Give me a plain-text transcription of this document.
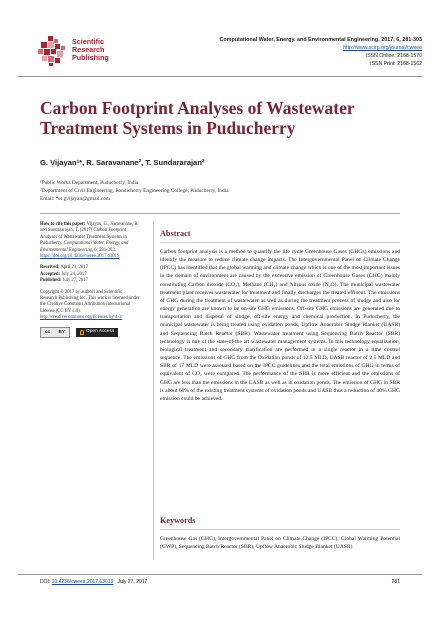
Scientific
Research
Publishing
Computational Water, Energy, and Environmental Engineering, 2017, 6, 281-303
http://www.scirp.org/journal/cweee
ISSN Online: 2168-1570
ISSN Print: 2168-1562
Carbon Footprint Analyses of Wastewater Treatment Systems in Puducherry
G. Vijayan¹*, R. Saravanane², T. Sundararajan²
¹Public Works Department, Puducherry, India
²Department of Civil Engineering, Pondicherry Engineering College, Puducherry, India
Email: *er.gvijayan@gmail.com

How to cite this paper: Vijayan, G., Saravanane, R. and Sundararajan, T. (2017) Carbon Footprint Analyses of Wastewater Treatment Systems in Puducherry. Computational Water, Energy, and Environmental Engineering, 6, 281-303.
https://doi.org/10.4236/cweee.2017.63019

Received: April 21, 2017
Accepted: July 24, 2017
Published: July 27, 2017

Copyright © 2017 by authors and Scientific Research Publishing Inc. This work is licensed under the Creative Commons Attribution International License (CC BY 4.0).
http://creativecommons.org/licenses/by/4.0/

cc BY	Open Access
Abstract
Carbon footprint analysis is a method to quantify the life cycle Greenhouse Gases (GHGs) emissions and identify the measure to reduce climate change impacts. The Intergovernmental Panel on Climate Change (IPCC) has identified that the global warming and climate change which is one of the most important issues in the domain of environment are caused by the excessive emission of Greenhouse Gases (GHG) mainly constituting Carbon dioxide (CO₂), Methane (CH₄) and Nitrous oxide (N₂O). The municipal wastewater treatment plant receives wastewater for treatment and finally discharges the treated effluent. The emissions of GHG during the treatment of wastewater as well as during the treatment process of sludge and also for energy generation are known to be on-site GHG emissions. Off-site GHG emissions are generated due to transportation and disposal of sludge, off-site energy and chemical production. In Puducherry, the municipal wastewater is being treated using oxidation ponds, Upflow Anaerobic Sludge Blanket (UASB) and Sequencing Batch Reactor (SBR). Wastewater treatment using Sequencing Batch Reactor (SBR) technology is one of the state-of-the art wastewater management systems. In this technology equalization, biological treatment and secondary clarification are performed in a single reactor in a time control sequence. The emissions of GHG from the Oxidation ponds of 12.5 MLD, UASB reactor of 2.5 MLD and SBR of 17 MLD were assessed based on the IPCC guidelines and the total emissions of GHG in terms of equivalent of CO₂ were compared. The performance of the SBR is more efficient and the emissions of GHG are less than the emissions in the UASB as well as in oxidation ponds. The emission of GHG in SBR is about 60% of the existing treatment systems of oxidation ponds and UASB thus a reduction of 40% GHG emission could be achieved.
Keywords
Greenhouse Gas (GHG), Intergovernmental Panel on Climate Change (IPCC), Global Warming Potential (GWP), Sequencing Batch Reactor (SBR), Upflow Anaerobic Sludge Blanket (UASB)
DOI: 10.4236/cweee.2017.63019 July 27, 2017	281
